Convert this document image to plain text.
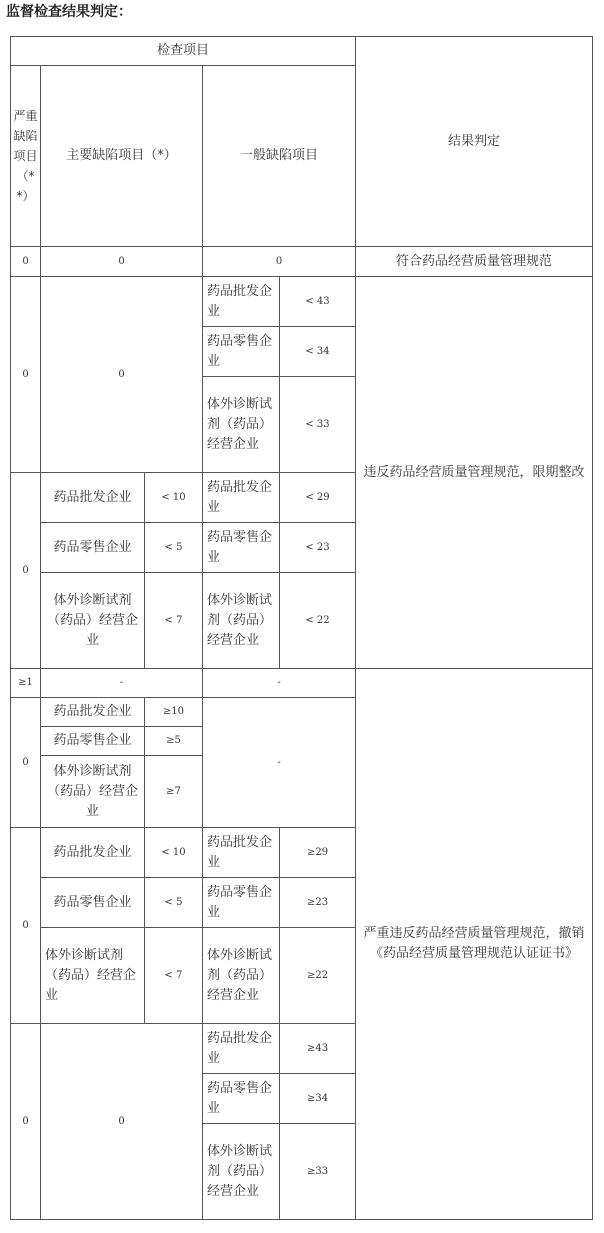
监督检查结果判定：
检查项目					结果判定
严重缺陷项目（**）	主要缺陷项目（*）		一般缺陷项目		
0	0		0		符合药品经营质量管理规范
0	0		药品批发企业	< 43	违反药品经营质量管理规范，限期整改
			药品零售企业	< 34	
			体外诊断试剂（药品）经营企业	< 33	
0	药品批发企业	< 10	药品批发企业	< 29	
	药品零售企业	< 5	药品零售企业	< 23	
	体外诊断试剂（药品）经营企业	< 7	体外诊断试剂（药品）经营企业	< 22	
≥1	-		-		严重违反药品经营质量管理规范，撤销《药品经营质量管理规范认证证书》
0	药品批发企业	≥10	-		
	药品零售企业	≥5			
	体外诊断试剂（药品）经营企业	≥7			
0	药品批发企业	< 10	药品批发企业	≥29	
	药品零售企业	< 5	药品零售企业	≥23	
	体外诊断试剂（药品）经营企业	< 7	体外诊断试剂（药品）经营企业	≥22	
0	0		药品批发企业	≥43	
			药品零售企业	≥34	
			体外诊断试剂（药品）经营企业	≥33	
